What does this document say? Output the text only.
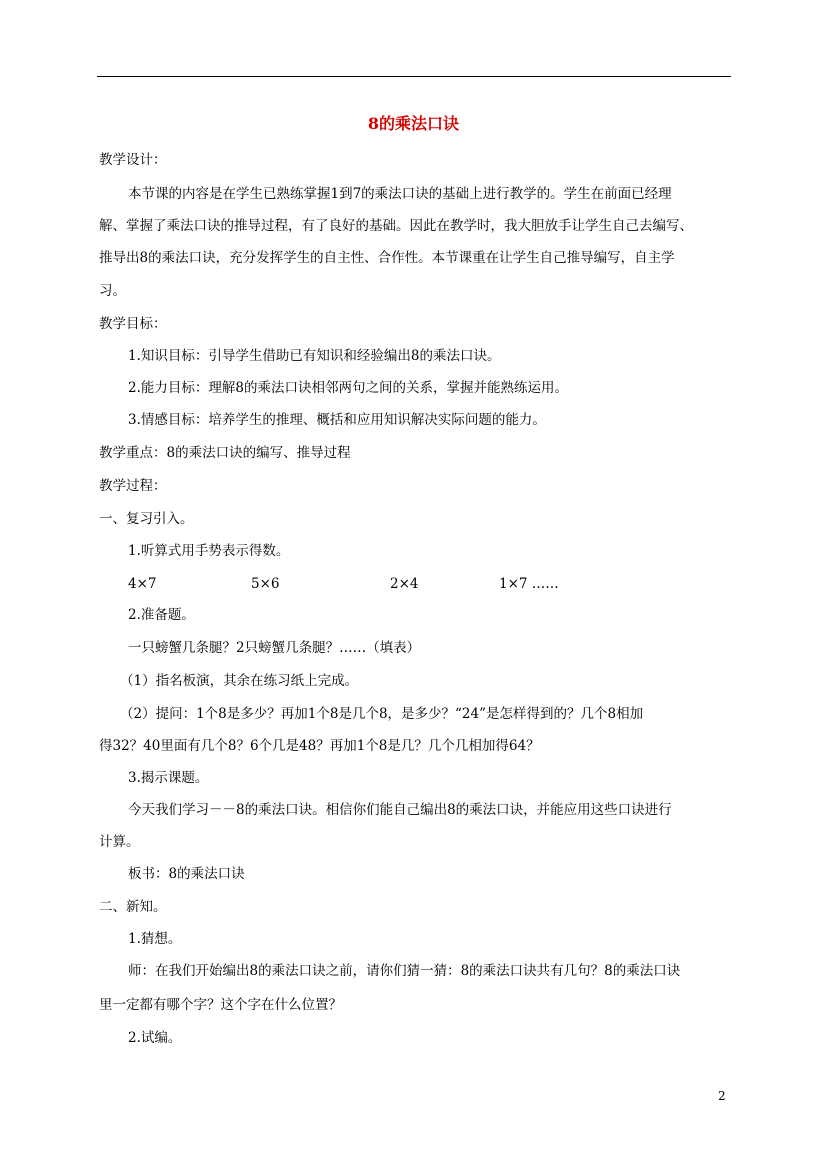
8的乘法口诀
教学设计：
本节课的内容是在学生已熟练掌握1到7的乘法口诀的基础上进行教学的。学生在前面已经理
解、掌握了乘法口诀的推导过程，有了良好的基础。因此在教学时，我大胆放手让学生自己去编写、
推导出8的乘法口诀，充分发挥学生的自主性、合作性。本节课重在让学生自己推导编写，自主学
习。
教学目标：
1.知识目标：引导学生借助已有知识和经验编出8的乘法口诀。
2.能力目标：理解8的乘法口诀相邻两句之间的关系，掌握并能熟练运用。
3.情感目标：培养学生的推理、概括和应用知识解决实际问题的能力。
教学重点：8的乘法口诀的编写、推导过程
教学过程：
一、复习引入。
1.听算式用手势表示得数。
4×7	5×6	2×4	1×7 ……
2.准备题。
一只螃蟹几条腿？2只螃蟹几条腿？……（填表）
（1）指名板演，其余在练习纸上完成。
（2）提问：1个8是多少？再加1个8是几个8，是多少？“24”是怎样得到的？几个8相加
得32？40里面有几个8？6个几是48？再加1个8是几？几个几相加得64？
3.揭示课题。
今天我们学习－－8的乘法口诀。相信你们能自己编出8的乘法口诀，并能应用这些口诀进行
计算。
板书：8的乘法口诀
二、新知。
1.猜想。
师：在我们开始编出8的乘法口诀之前，请你们猜一猜：8的乘法口诀共有几句？8的乘法口诀
里一定都有哪个字？这个字在什么位置？
2.试编。
2
